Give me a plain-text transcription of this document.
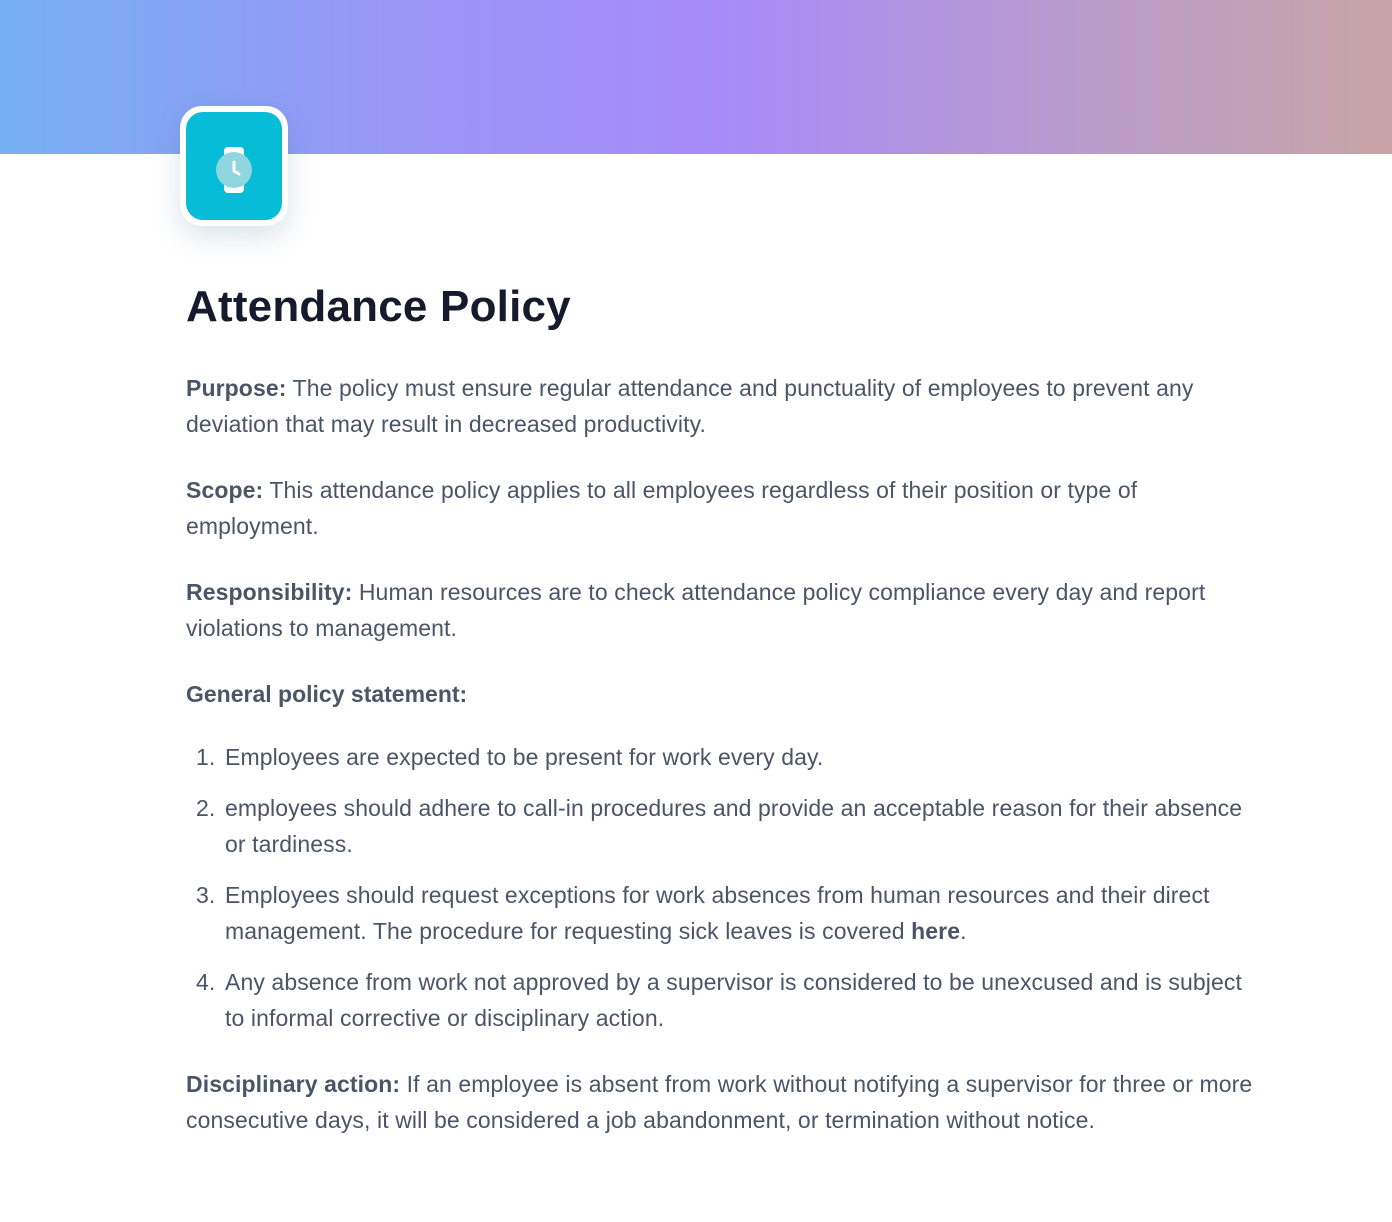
Attendance Policy

Purpose: The policy must ensure regular attendance and punctuality of employees to prevent any deviation that may result in decreased productivity.

Scope: This attendance policy applies to all employees regardless of their position or type of employment.

Responsibility: Human resources are to check attendance policy compliance every day and report violations to management.

General policy statement:

1. Employees are expected to be present for work every day.
2. employees should adhere to call-in procedures and provide an acceptable reason for their absence or tardiness.
3. Employees should request exceptions for work absences from human resources and their direct management. The procedure for requesting sick leaves is covered here.
4. Any absence from work not approved by a supervisor is considered to be unexcused and is subject to informal corrective or disciplinary action.

Disciplinary action: If an employee is absent from work without notifying a supervisor for three or more consecutive days, it will be considered a job abandonment, or termination without notice.
